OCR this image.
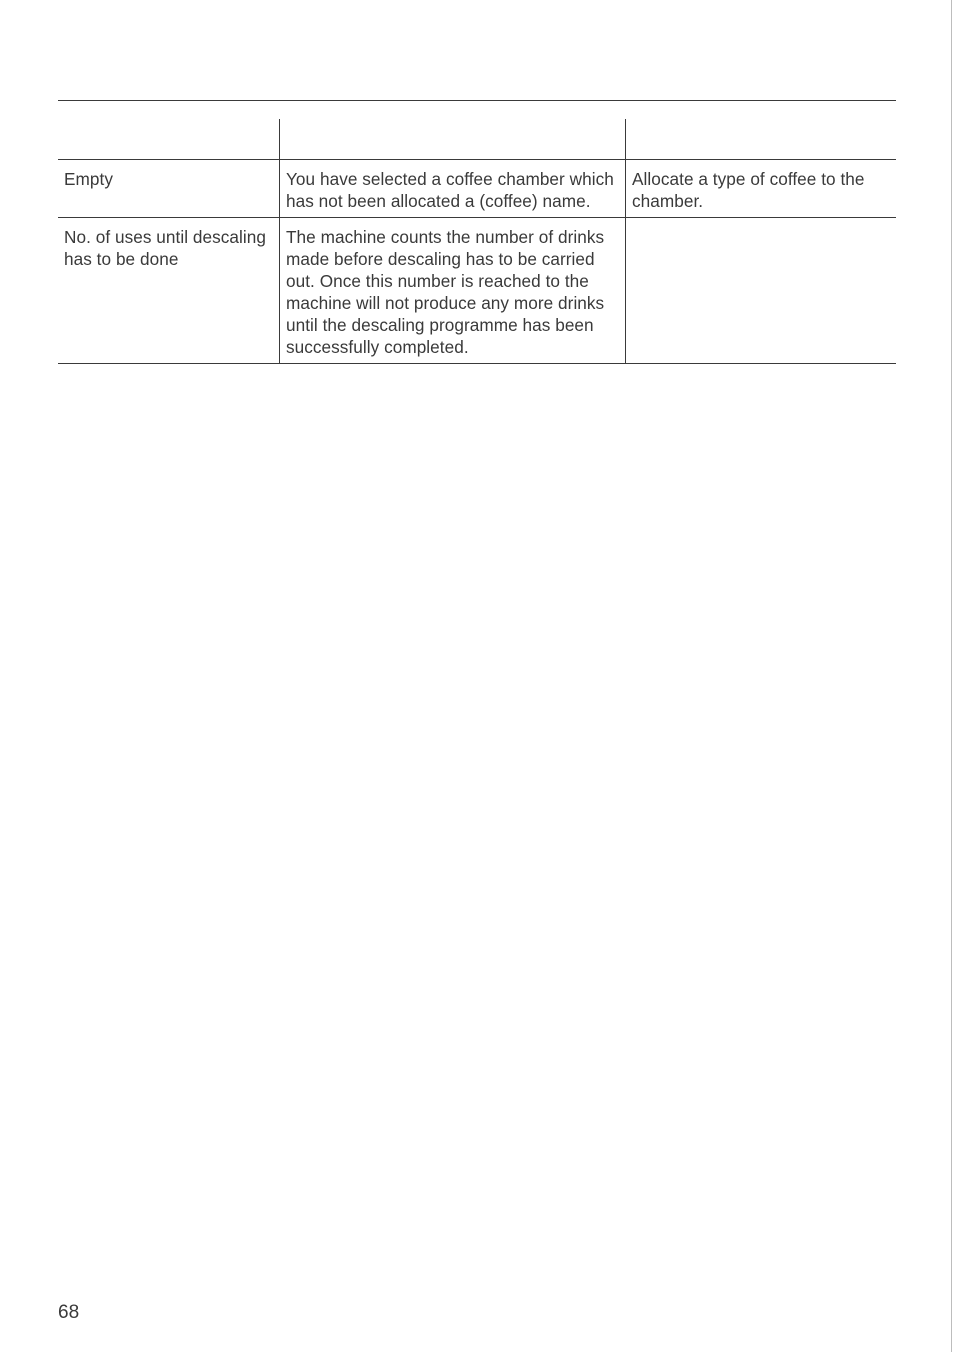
Empty	You have selected a coffee chamber which has not been allocated a (coffee) name.
Allocate a type of coffee to the chamber.
No. of uses until descaling has to be done
The machine counts the number of drinks made before descaling has to be carried out. Once this number is reached to the machine will not produce any more drinks until the descaling programme has been successfully completed.
68
